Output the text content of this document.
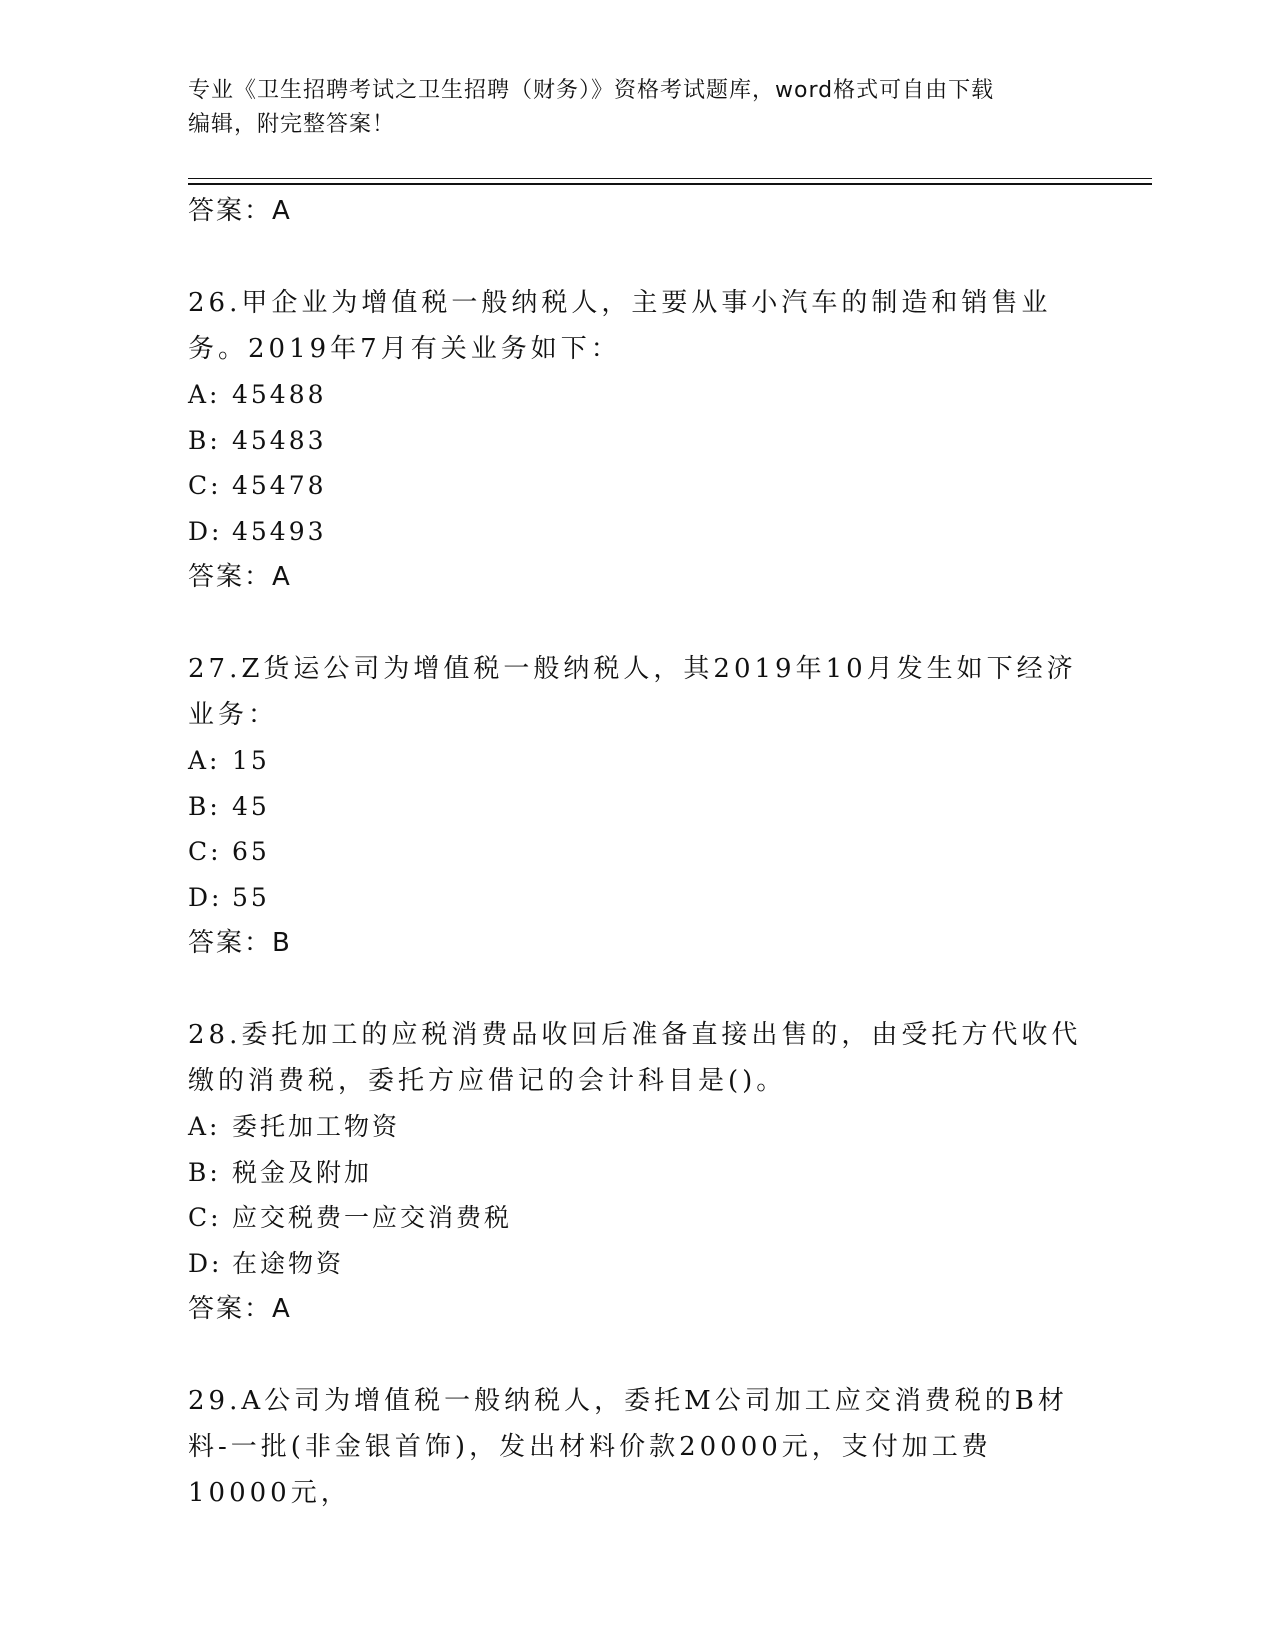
专业《卫生招聘考试之卫生招聘（财务）》资格考试题库，word格式可自由下载
编辑，附完整答案！

答案：A

26.甲企业为增值税一般纳税人，主要从事小汽车的制造和销售业务。2019年7月有关业务如下：

A: 45488

B: 45483

C: 45478

D: 45493

答案：A

27.Z货运公司为增值税一般纳税人，其2019年10月发生如下经济业务：

A: 15

B: 45

C: 65

D: 55

答案：B

28.委托加工的应税消费品收回后准备直接出售的，由受托方代收代缴的消费税，委托方应借记的会计科目是()。

A: 委托加工物资

B: 税金及附加

C: 应交税费一应交消费税

D: 在途物资

答案：A

29.A公司为增值税一般纳税人，委托M公司加工应交消费税的B材料-一批(非金银首饰)，发出材料价款20000元，支付加工费10000元，
